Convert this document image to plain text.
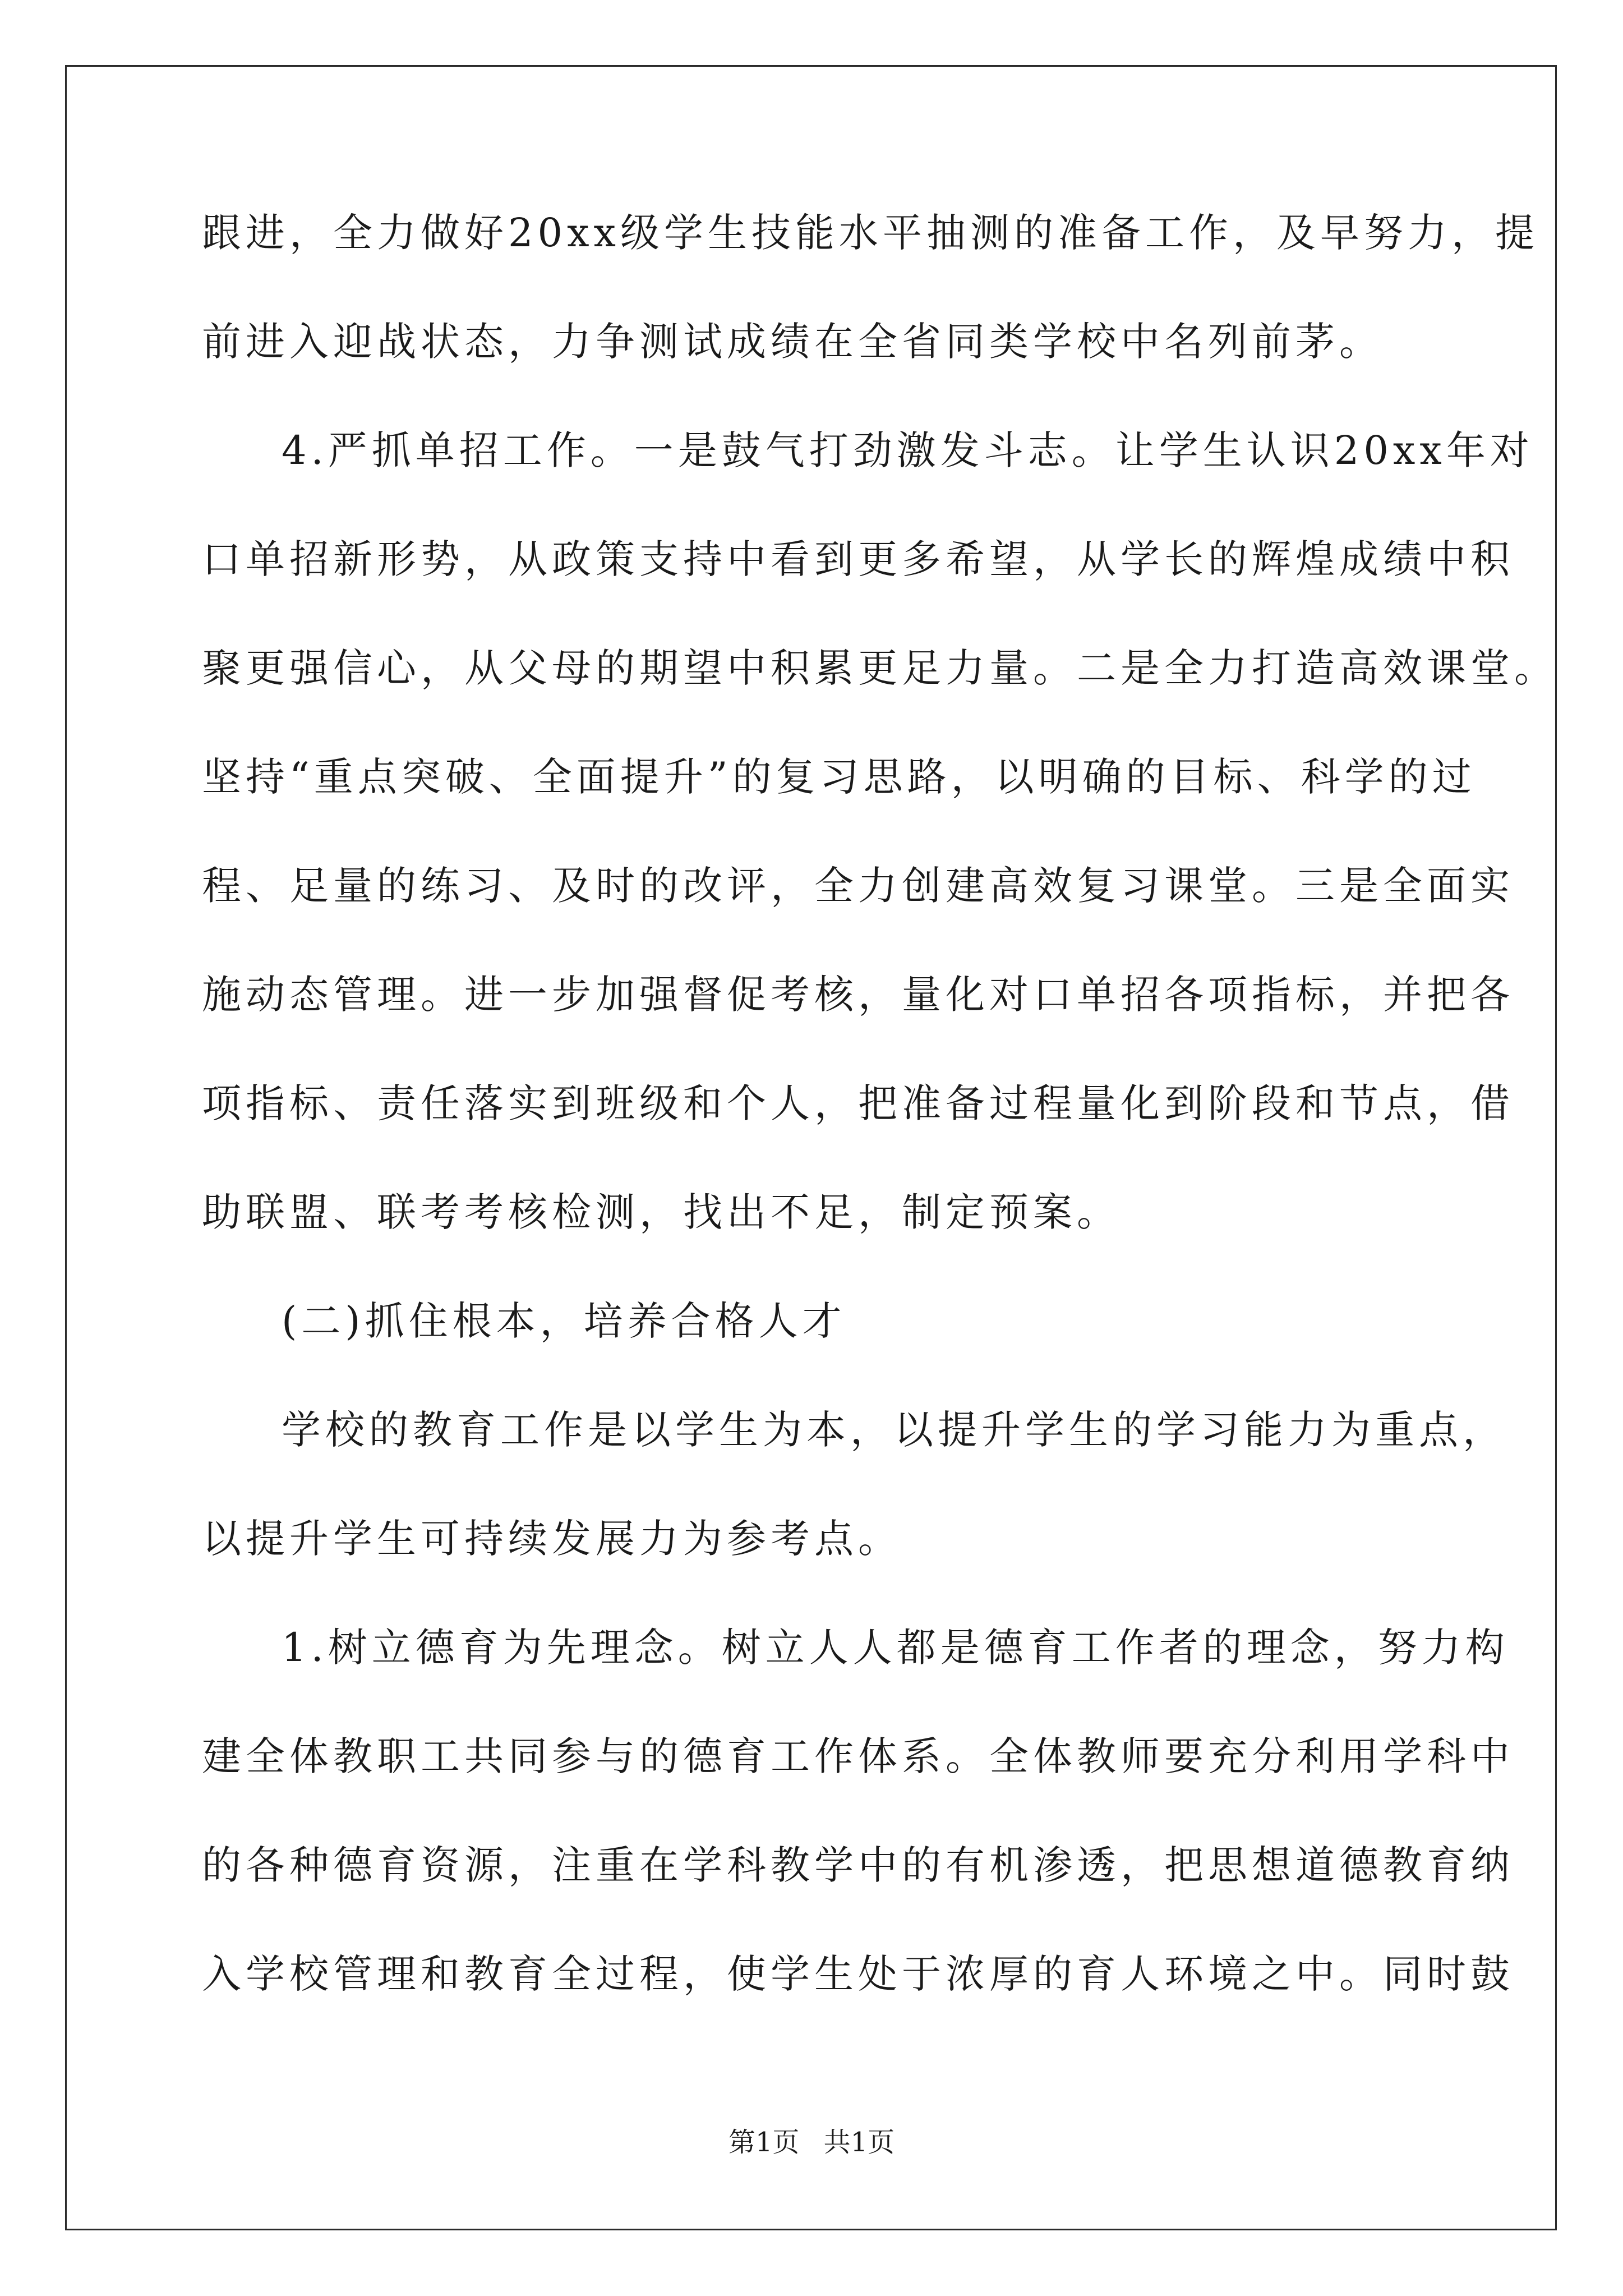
跟进，全力做好20xx级学生技能水平抽测的准备工作，及早努力，提

前进入迎战状态，力争测试成绩在全省同类学校中名列前茅。

4.严抓单招工作。一是鼓气打劲激发斗志。让学生认识20xx年对

口单招新形势，从政策支持中看到更多希望，从学长的辉煌成绩中积

聚更强信心，从父母的期望中积累更足力量。二是全力打造高效课堂。

坚持“重点突破、全面提升”的复习思路，以明确的目标、科学的过

程、足量的练习、及时的改评，全力创建高效复习课堂。三是全面实

施动态管理。进一步加强督促考核，量化对口单招各项指标，并把各

项指标、责任落实到班级和个人，把准备过程量化到阶段和节点，借

助联盟、联考考核检测，找出不足，制定预案。

(二)抓住根本，培养合格人才

学校的教育工作是以学生为本，以提升学生的学习能力为重点，

以提升学生可持续发展力为参考点。

1.树立德育为先理念。树立人人都是德育工作者的理念，努力构

建全体教职工共同参与的德育工作体系。全体教师要充分利用学科中

的各种德育资源，注重在学科教学中的有机渗透，把思想道德教育纳

入学校管理和教育全过程，使学生处于浓厚的育人环境之中。同时鼓

第1页 共1页
